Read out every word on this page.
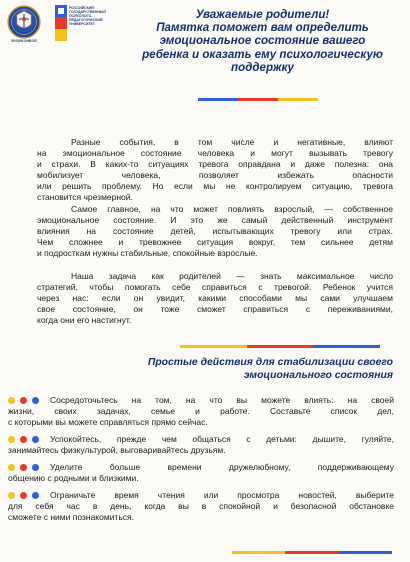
ФИЗИКОНВОЙ
РОССИЙСКИЙ ГОСУДАРСТВЕННЫЙ ПСИХОЛОГО-ПЕДАГОГИЧЕСКИЙ УНИВЕРСИТЕТ
Уважаемые родители!
Памятка поможет вам определить
эмоциональное состояние вашего
ребенка и оказать ему психологическую
поддержку
Разные события, в том числе и негативные, влияют
на эмоциональное состояние человека и могут вызывать тревогу
и страхи. В каких-то ситуациях тревога оправдана и даже полезна: она
мобилизует человека, позволяет избежать опасности
или решить проблему. Но если мы не контролируем ситуацию, тревога
становится чрезмерной.
Самое главное, на что может повлиять взрослый, — собственное
эмоциональное состояние. И это же самый действенный инструмент
влияния на состояние детей, испытывающих тревогу или страх.
Чем сложнее и тревожнее ситуация вокруг, тем сильнее детям
и подросткам нужны стабильные, спокойные взрослые.
Наша задача как родителей — знать максимальное число
стратегий, чтобы помогать себе справиться с тревогой. Ребенок учится
через нас: если он увидит, какими способами мы сами улучшаем
свое состояние, он тоже сможет справиться с переживаниями,
когда они его настигнут.
Простые действия для стабилизации своего
эмоционального состояния
Сосредоточьтесь на том, на что вы можете влиять: на своей
жизни, своих задачах, семье и работе. Составьте список дел,
с которыми вы можете справляться прямо сейчас.
Успокойтесь, прежде чем общаться с детьми: дышите, гуляйте,
занимайтесь физкультурой, выговаривайтесь друзьям.
Уделите больше времени дружелюбному, поддерживающему
общению с родными и близкими.
Ограничьте время чтения или просмотра новостей, выберите
для себя час в день, когда вы в спокойной и безопасной обстановке
сможете с ними познакомиться.
